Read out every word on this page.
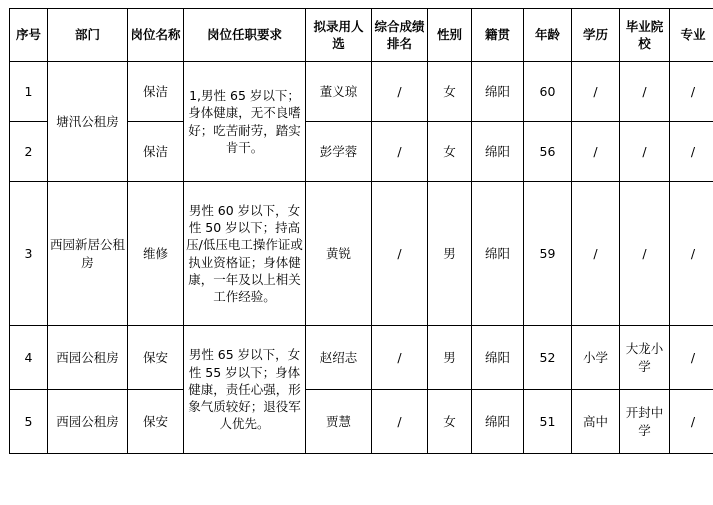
序号	部门	岗位名称	岗位任职要求	拟录用人选	综合成绩排名	性别	籍贯	年龄	学历	毕业院校	专业
1	塘汛公租房	保洁	1,男性 65 岁以下；身体健康，无不良嗜好；吃苦耐劳，踏实肯干。	董义琼	/	女	绵阳	60	/	/	/
2		保洁		彭学蓉	/	女	绵阳	56	/	/	/
3	西园新居公租房	维修	男性 60 岁以下，女性 50 岁以下；持高压/低压电工操作证或执业资格证；身体健康，一年及以上相关工作经验。	黄锐	/	男	绵阳	59	/	/	/
4	西园公租房	保安	男性 65 岁以下，女性 55 岁以下；身体健康，责任心强，形象气质较好；退役军人优先。	赵绍志	/	男	绵阳	52	小学	大龙小学	/
5	西园公租房	保安		贾慧	/	女	绵阳	51	高中	开封中学	/
